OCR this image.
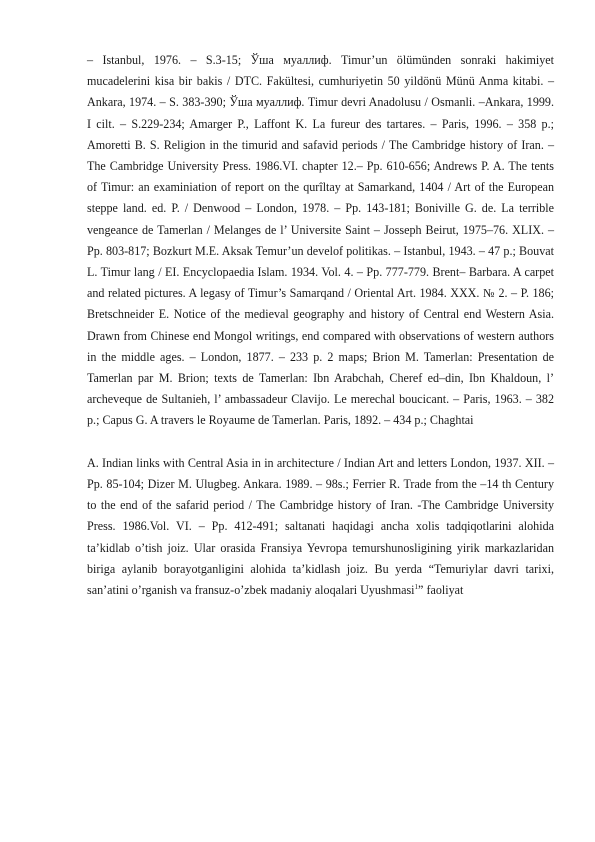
– Istanbul, 1976. – S.3-15; Ўша муаллиф. Timur’un ölümünden sonraki hakimiyet mucadelerini kisa bir bakis / DTC. Fakültesi, cumhuriyetin 50 yildönü Münü Anma kitabi. – Ankara, 1974. – S. 383-390; Ўша муаллиф. Timur devri Anadolusu / Osmanli. –Ankara, 1999. I cilt. – S.229-234; Amarger P., Laffont K. La fureur des tartares. – Paris, 1996. – 358 p.; Amoretti B. S. Religion in the timurid and safavid periods / The Cambridge history of Iran. –The Cambridge University Press. 1986.VI. chapter 12.– Pp. 610-656; Andrews P. A. The tents of Timur: an examiniation of report on the qurîltay at Samarkand, 1404 / Art of the European steppe land. ed. P. / Denwood – London, 1978. – Pp. 143-181; Boniville G. de. La terrible vengeance de Tamerlan / Melanges de l’ Universite Saint – Josseph Beirut, 1975–76. XLIX. – Pp. 803-817; Bozkurt M.E. Aksak Temur’un develof politikas. – Istanbul, 1943. – 47 p.; Bouvat L. Timur lang / EI. Encyclopaedia Islam. 1934. Vol. 4. – Pp. 777-779. Brent– Barbara. A carpet and related pictures. A legasy of Timur’s Samarqand / Oriental Art. 1984. XXX. № 2. – P. 186; Bretschneider E. Notice of the medieval geography and history of Central end Western Asia. Drawn from Chinese end Mongol writings, end compared with observations of western authors in the middle ages. – London, 1877. – 233 p. 2 maps; Brion M. Tamerlan: Presentation de Tamerlan par M. Brion; texts de Tamerlan: Ibn Arabchah, Cheref ed–din, Ibn Khaldoun, l’ archeveque de Sultanieh, l’ ambassadeur Clavijo. Le merechal boucicant. – Paris, 1963. – 382 p.; Capus G. A travers le Royaume de Tamerlan. Paris, 1892. – 434 p.; Chaghtai

A. Indian links with Central Asia in in architecture / Indian Art and letters London, 1937. XII. – Pp. 85-104; Dizer M. Ulugbeg. Ankara. 1989. – 98s.; Ferrier R. Trade from the –14 th Century to the end of the safarid period / The Cambridge history of Iran. -The Cambridge University Press. 1986.Vol. VI. – Pp. 412-491; saltanati haqidagi ancha xolis tadqiqotlarini alohida ta’kidlab o’tish joiz. Ular orasida Fransiya Yevropa temurshunosligining yirik markazlaridan biriga aylanib borayotganligini alohida ta’kidlash joiz. Bu yerda “Temuriylar davri tarixi, san’atini o’rganish va fransuz-o’zbek madaniy aloqalari Uyushmasi$^1$” faoliyat
